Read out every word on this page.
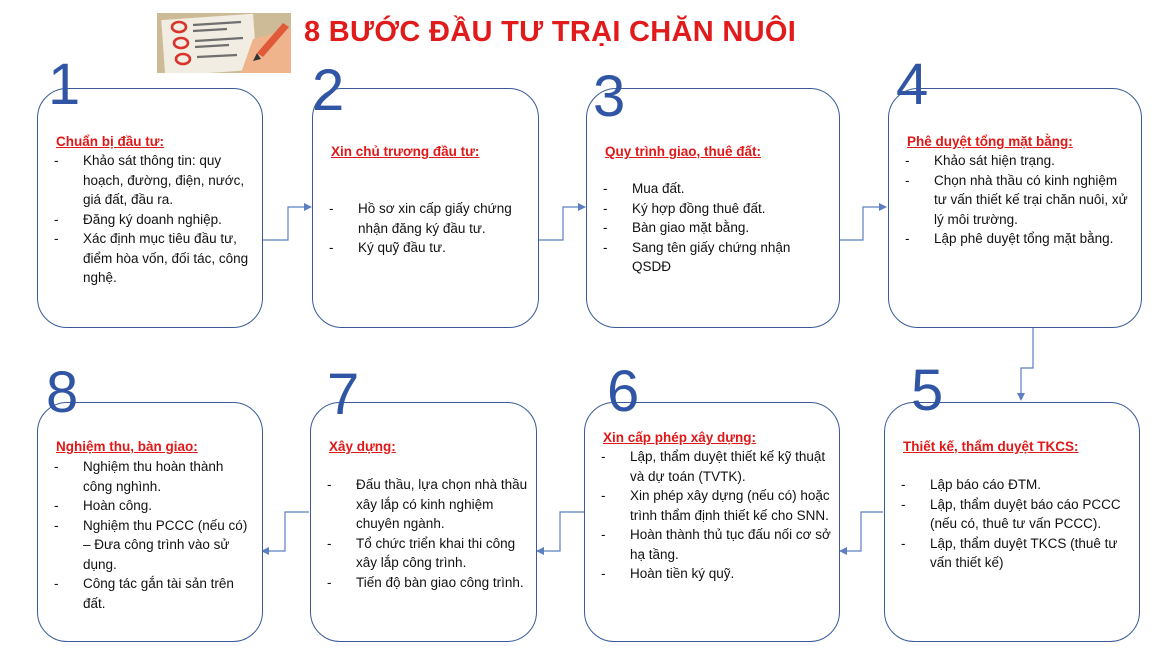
8 BƯỚC ĐẦU TƯ TRẠI CHĂN NUÔI
Chuẩn bị đầu tư:
- Khảo sát thông tin: quy hoạch, đường, điện, nước, giá đất, đầu ra.
- Đăng ký doanh nghiệp.
- Xác định mục tiêu đầu tư, điểm hòa vốn, đối tác, công nghệ.
1
Xin chủ trương đầu tư:
- Hồ sơ xin cấp giấy chứng nhận đăng ký đầu tư.
- Ký quỹ đầu tư.
2
Quy trình giao, thuê đất:
- Mua đất.
- Ký hợp đồng thuê đất.
- Bàn giao mặt bằng.
- Sang tên giấy chứng nhận QSDĐ
3
Phê duyệt tổng mặt bằng:
- Khảo sát hiện trạng.
- Chọn nhà thầu có kinh nghiệm tư vấn thiết kế trại chăn nuôi, xử lý môi trường.
- Lập phê duyệt tổng mặt bằng.
4
Nghiệm thu, bàn giao:
- Nghiệm thu hoàn thành công nghình.
- Hoàn công.
- Nghiệm thu PCCC (nếu có) – Đưa công trình vào sử dụng.
- Công tác gắn tài sản trên đất.
8
Xây dựng:
- Đấu thầu, lựa chọn nhà thầu xây lắp có kinh nghiệm chuyên ngành.
- Tổ chức triển khai thi công xây lắp công trình.
- Tiến độ bàn giao công trình.
7
Xin cấp phép xây dựng:
- Lập, thẩm duyệt thiết kế kỹ thuật và dự toán (TVTK).
- Xin phép xây dựng (nếu có) hoặc trình thẩm định thiết kế cho SNN.
- Hoàn thành thủ tục đấu nối cơ sở hạ tầng.
- Hoàn tiền ký quỹ.
6
Thiết kế, thẩm duyệt TKCS:
- Lập báo cáo ĐTM.
- Lập, thẩm duyệt báo cáo PCCC (nếu có, thuê tư vấn PCCC).
- Lập, thẩm duyệt TKCS (thuê tư vấn thiết kế)
5
